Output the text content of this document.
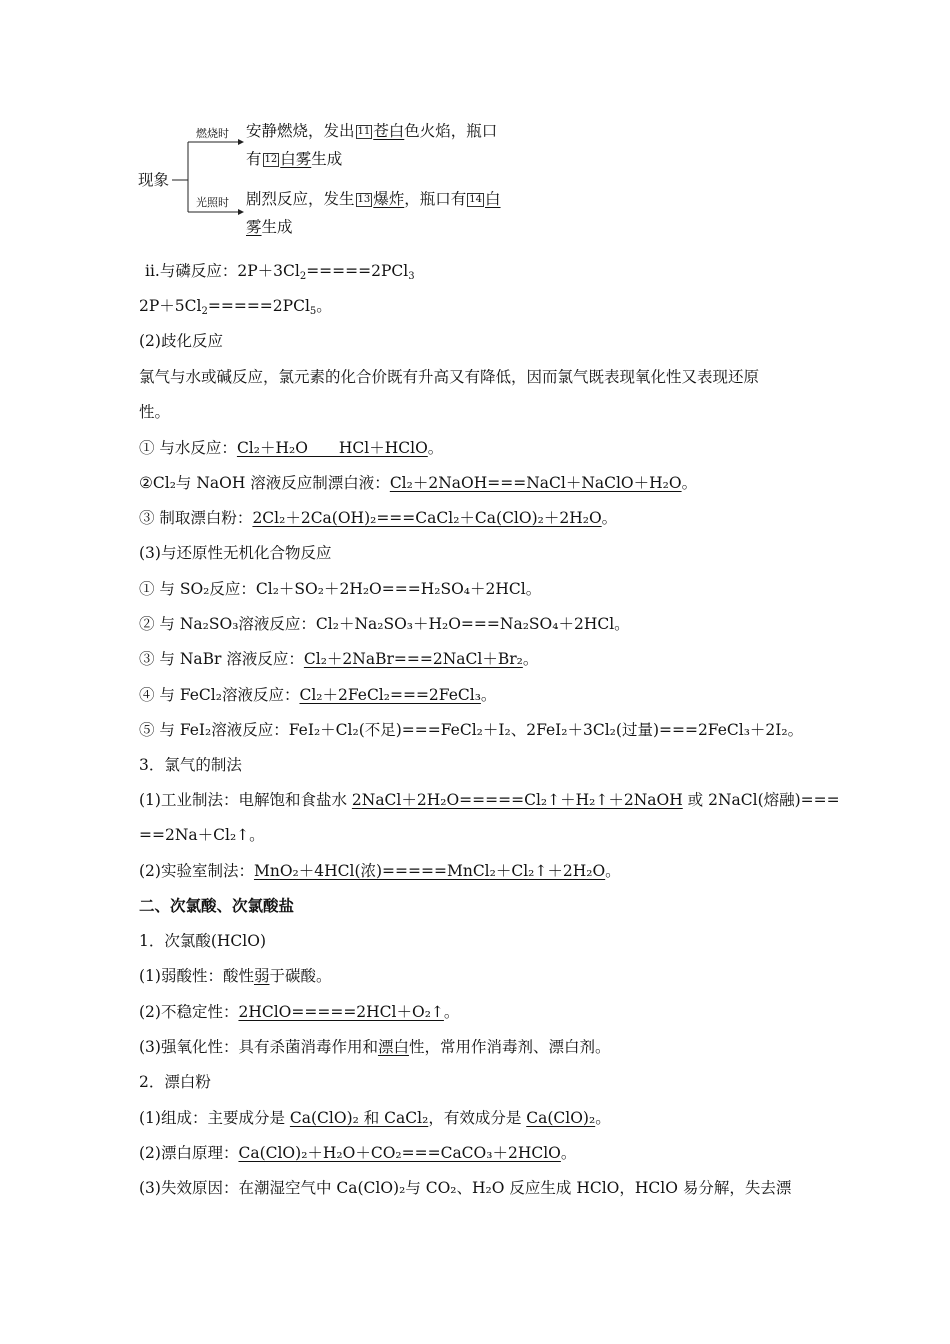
现象
燃烧时
光照时
安静燃烧，发出 11 苍白色火焰，瓶口
有 12 白雾生成
剧烈反应，发生 13 爆炸，瓶口有 14 白
雾生成
ⅱ.与磷反应：$2P+3Cl_2=====2PCl_3$
$2P+5Cl_2=====2PCl_5$。
(2)歧化反应
氯气与水或碱反应，氯元素的化合价既有升高又有降低，因而氯气既表现氧化性又表现还原
性。
① 与水反应：Cl₂＋H₂O　　HCl＋HClO。
②Cl₂与 NaOH 溶液反应制漂白液：Cl₂＋2NaOH===NaCl＋NaClO＋H₂O。
③ 制取漂白粉：2Cl₂＋2Ca(OH)₂===CaCl₂＋Ca(ClO)₂＋2H₂O。
(3)与还原性无机化合物反应
① 与 SO₂反应：Cl₂＋SO₂＋2H₂O===H₂SO₄＋2HCl。
② 与 Na₂SO₃溶液反应：Cl₂＋Na₂SO₃＋H₂O===Na₂SO₄＋2HCl。
③ 与 NaBr 溶液反应：Cl₂＋2NaBr===2NaCl＋Br₂。
④ 与 FeCl₂溶液反应：Cl₂＋2FeCl₂===2FeCl₃。
⑤ 与 FeI₂溶液反应：FeI₂＋Cl₂(不足)===FeCl₂＋I₂、2FeI₂＋3Cl₂(过量)===2FeCl₃＋2I₂。
3．氯气的制法
(1)工业制法：电解饱和食盐水 2NaCl＋2H₂O=====Cl₂↑＋H₂↑＋2NaOH 或 2NaCl(熔融)===
==2Na＋Cl₂↑。
(2)实验室制法：MnO₂＋4HCl(浓)=====MnCl₂＋Cl₂↑＋2H₂O。
二、次氯酸、次氯酸盐
1．次氯酸(HClO)
(1)弱酸性：酸性弱于碳酸。
(2)不稳定性：2HClO=====2HCl＋O₂↑。
(3)强氧化性：具有杀菌消毒作用和漂白性，常用作消毒剂、漂白剂。
2．漂白粉
(1)组成：主要成分是 Ca(ClO)₂ 和 CaCl₂，有效成分是 Ca(ClO)₂。
(2)漂白原理：Ca(ClO)₂＋H₂O＋CO₂===CaCO₃＋2HClO。
(3)失效原因：在潮湿空气中 Ca(ClO)₂与 CO₂、H₂O 反应生成 HClO，HClO 易分解，失去漂
